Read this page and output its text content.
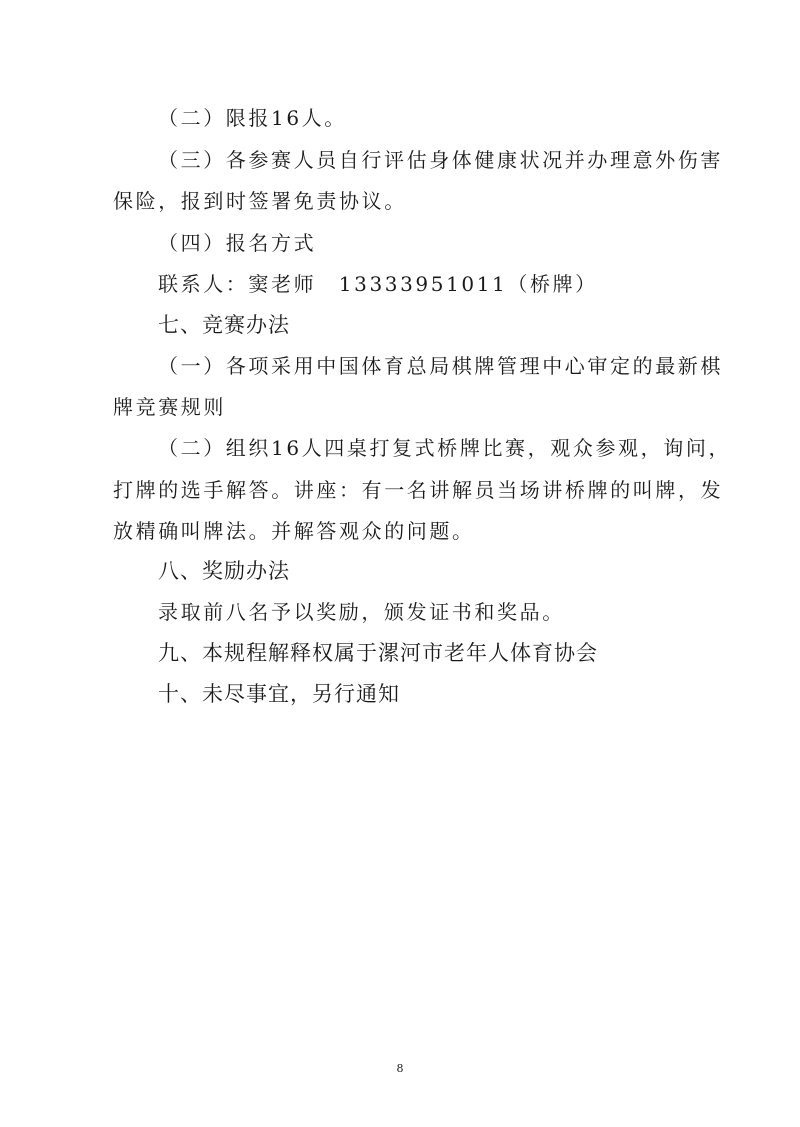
（二）限报16人。
（三）各参赛人员自行评估身体健康状况并办理意外伤害
保险，报到时签署免责协议。
（四）报名方式
联系人：窦老师　13333951011（桥牌）
七、竞赛办法
（一）各项采用中国体育总局棋牌管理中心审定的最新棋
牌竞赛规则
（二）组织16人四桌打复式桥牌比赛，观众参观，询问，
打牌的选手解答。讲座：有一名讲解员当场讲桥牌的叫牌，发
放精确叫牌法。并解答观众的问题。
八、奖励办法
录取前八名予以奖励，颁发证书和奖品。
九、本规程解释权属于漯河市老年人体育协会
十、未尽事宜，另行通知
8
